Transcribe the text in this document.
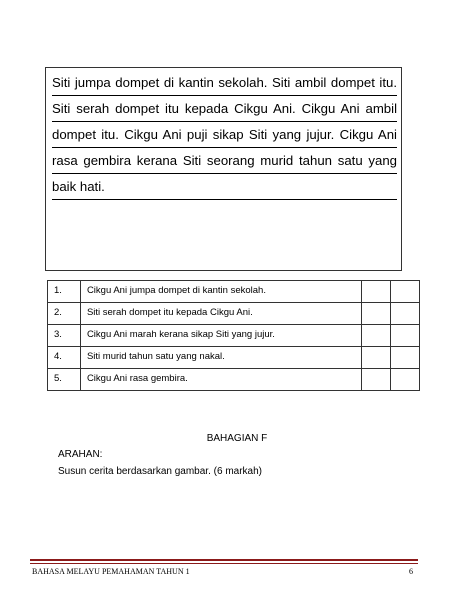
Siti jumpa dompet di kantin sekolah. Siti ambil dompet itu.
Siti serah dompet itu kepada Cikgu Ani. Cikgu Ani ambil
dompet itu. Cikgu Ani puji sikap Siti yang jujur. Cikgu Ani
rasa gembira kerana Siti seorang murid tahun satu yang
baik hati.
1.	Cikgu Ani jumpa dompet di kantin sekolah.		
2.	Siti serah dompet itu kepada Cikgu Ani.		
3.	Cikgu Ani marah kerana sikap Siti yang jujur.		
4.	Siti murid tahun satu yang nakal.		
5.	Cikgu Ani rasa gembira.		
BAHAGIAN F
ARAHAN:
Susun cerita berdasarkan gambar. (6 markah)
BAHASA MELAYU PEMAHAMAN TAHUN 1	6
